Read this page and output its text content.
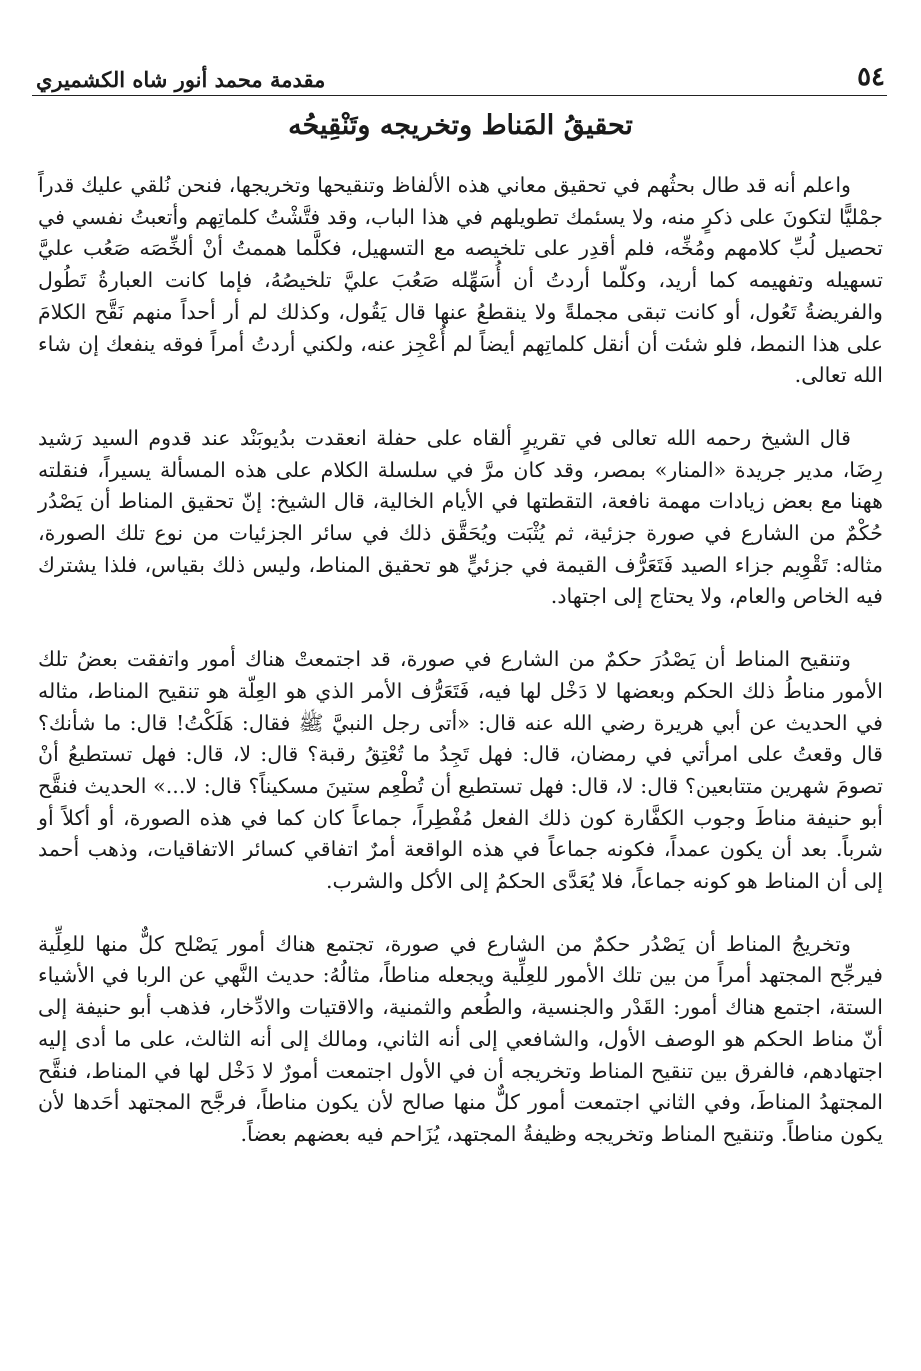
٥٤
مقدمة محمد أنور شاه الكشميري
تحقيقُ المَناط وتخريجه وتَنْقِيحُه

واعلم أنه قد طال بحثُهم في تحقيق معاني هذه الألفاظ وتنقيحها وتخريجها، فنحن نُلقي عليك قدراً جمْليًّا لتكونَ على ذكرٍ منه، ولا يسئمك تطويلهم في هذا الباب، وقد فتَّشْتُ كلماتِهم وأتعبتُ نفسي في تحصيل لُبِّ كلامهم ومُخِّه، فلم أقدِر على تلخيصه مع التسهيل، فكلَّما هممتُ أنْ ألخِّصَه صَعُب عليَّ تسهيله وتفهيمه كما أريد، وكلّما أردتُ أن أُسَهِّله صَعُبَ عليَّ تلخيصُهُ، فإما كانت العبارةُ تَطُول والفريضةُ تَعُول، أو كانت تبقى مجملةً ولا ينقطعُ عنها قال يَقُول، وكذلك لم أر أحداً منهم نَقَّح الكلامَ على هذا النمط، فلو شئت أن أنقل كلماتِهم أيضاً لم أُعْجِز عنه، ولكني أردتُ أمراً فوقه ينفعك إن شاء الله تعالى.

قال الشيخ رحمه الله تعالى في تقريرٍ ألقاه على حفلة انعقدت بدُيوبَنْد عند قدوم السيد رَشيد رِضَا، مدير جريدة «المنار» بمصر، وقد كان مرَّ في سلسلة الكلام على هذه المسألة يسيراً، فنقلته ههنا مع بعض زيادات مهمة نافعة، التقطتها في الأيام الخالية، قال الشيخ: إنّ تحقيق المناط أن يَصْدُر حُكْمٌ من الشارع في صورة جزئية، ثم يُثْبَت ويُحَقَّق ذلك في سائر الجزئيات من نوع تلك الصورة، مثاله: تَقْوِيم جزاء الصيد فَتَعَرُّف القيمة في جزئيٍّ هو تحقيق المناط، وليس ذلك بقياس، فلذا يشترك فيه الخاص والعام، ولا يحتاج إلى اجتهاد.

وتنقيح المناط أن يَصْدُرَ حكمٌ من الشارع في صورة، قد اجتمعتْ هناك أمور واتفقت بعضُ تلك الأمور مناطُ ذلك الحكم وبعضها لا دَخْل لها فيه، فَتَعَرُّف الأمر الذي هو العِلّة هو تنقيح المناط، مثاله في الحديث عن أبي هريرة رضي الله عنه قال: «أتى رجل النبيَّ ﷺ فقال: هَلَكْتُ! قال: ما شأنك؟ قال وقعتُ على امرأتي في رمضان، قال: فهل تَجِدُ ما تُعْتِقُ رقبة؟ قال: لا، قال: فهل تستطيعُ أنْ تصومَ شهرين متتابعين؟ قال: لا، قال: فهل تستطيع أن تُطْعِم ستينَ مسكيناً؟ قال: لا...» الحديث فنقَّح أبو حنيفة مناطَ وجوب الكفَّارة كون ذلك الفعل مُفْطِراً، جماعاً كان كما في هذه الصورة، أو أكلاً أو شرباً. بعد أن يكون عمداً، فكونه جماعاً في هذه الواقعة أمرٌ اتفاقي كسائر الاتفاقيات، وذهب أحمد إلى أن المناط هو كونه جماعاً، فلا يُعَدَّى الحكمُ إلى الأكل والشرب.

وتخريجُ المناط أن يَصْدُر حكمٌ من الشارع في صورة، تجتمع هناك أمور يَصْلح كلٌّ منها للعِلِّية فيرجِّح المجتهد أمراً من بين تلك الأمور للعِلِّية ويجعله مناطاً، مثالُهُ: حديث النَّهي عن الربا في الأشياء الستة، اجتمع هناك أمور: القَدْر والجنسية، والطُعم والثمنية، والاقتيات والادِّخار، فذهب أبو حنيفة إلى أنّ مناط الحكم هو الوصف الأول، والشافعي إلى أنه الثاني، ومالك إلى أنه الثالث، على ما أدى إليه اجتهادهم، فالفرق بين تنقيح المناط وتخريجه أن في الأول اجتمعت أمورٌ لا دَخْل لها في المناط، فنقَّح المجتهدُ المناطَ، وفي الثاني اجتمعت أمور كلٌّ منها صالح لأن يكون مناطاً، فرجَّح المجتهد أحَدها لأن يكون مناطاً. وتنقيح المناط وتخريجه وظيفةُ المجتهد، يُزَاحم فيه بعضهم بعضاً.
